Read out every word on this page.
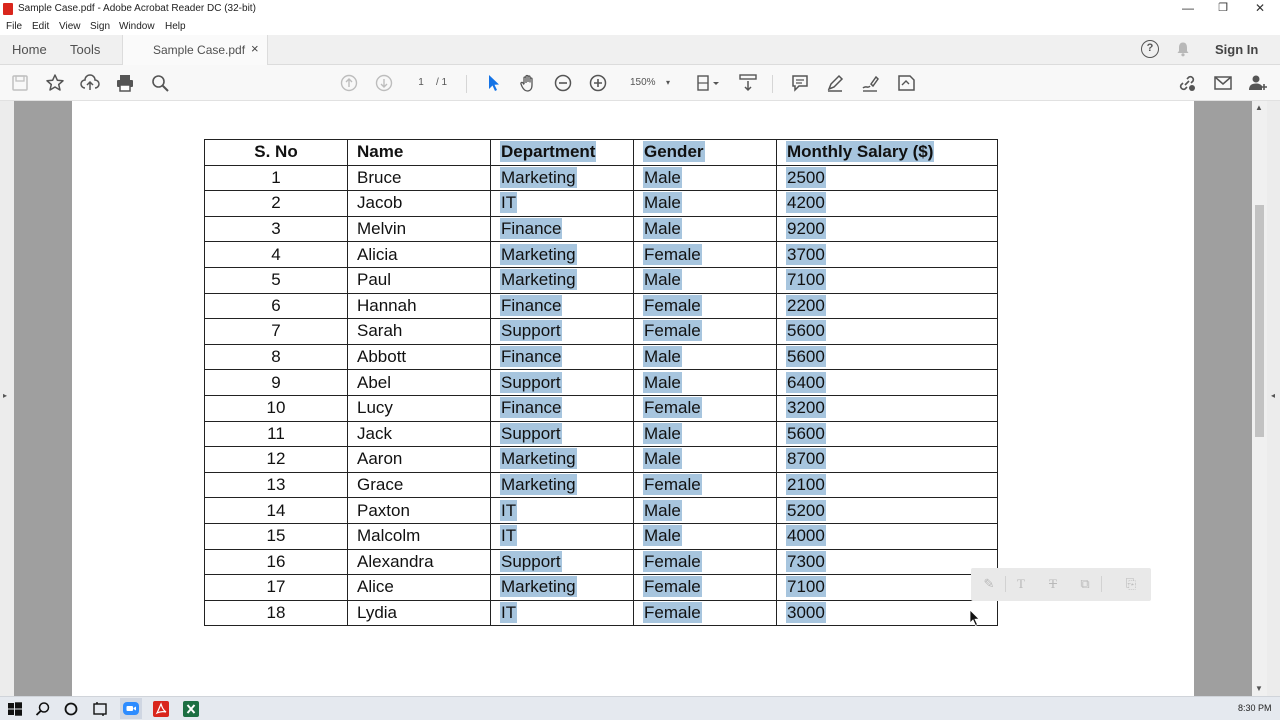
Sample Case.pdf - Adobe Acrobat Reader DC (32-bit)	—	❐	✕
File Edit View Sign Window Help
Home Tools	Sample Case.pdf ×	?	Sign In
1	/ 1	150% ▾
▸
S. No	Name	Department	Gender	Monthly Salary ($)
1	Bruce	Marketing	Male	2500
2	Jacob	IT	Male	4200
3	Melvin	Finance	Male	9200
4	Alicia	Marketing	Female	3700
5	Paul	Marketing	Male	7100
6	Hannah	Finance	Female	2200
7	Sarah	Support	Female	5600
8	Abbott	Finance	Male	5600
9	Abel	Support	Male	6400
10	Lucy	Finance	Female	3200
11	Jack	Support	Male	5600
12	Aaron	Marketing	Male	8700
13	Grace	Marketing	Female	2100
14	Paxton	IT	Male	5200
15	Malcolm	IT	Male	4000
16	Alexandra	Support	Female	7300
17	Alice	Marketing	Female	7100
18	Lydia	IT	Female	3000
✎	T	T	⧉	⎘
▲
▼
◂
8:30 PM
